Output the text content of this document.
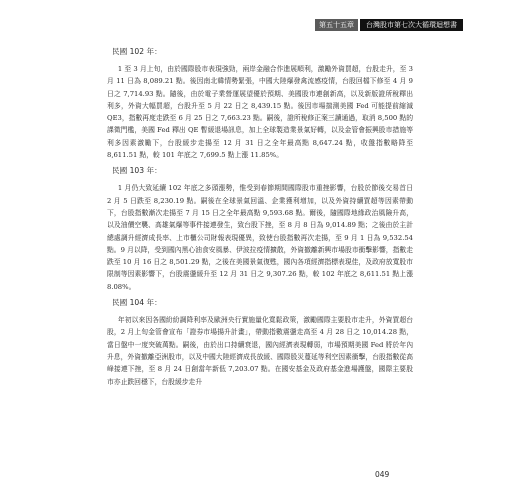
第五十五章	台灣股市第七次大循環迴想書
民國 102 年：

1 至 3 月上旬，由於國際股市表現強勁，兩岸金融合作進展順利，激勵外資買超，台股走升，至 3 月 11 日為 8,089.21 點。後因南北韓情勢緊張，中國大陸爆發禽流感疫情，台股回檔下修至 4 月 9 日之 7,714.93 點。隨後，由於電子業營運展望優於預期、美國股市連創新高，以及新版證所稅釋出利多，外資大幅買超，台股升至 5 月 22 日之 8,439.15 點。後因市場揣測美國 Fed 可能提前縮減 QE3，指數再度走跌至 6 月 25 日之 7,663.23 點。嗣後，證所稅修正案三讀通過，取消 8,500 點的課徵門檻，美國 Fed 釋出 QE 暫緩退場訊息，加上全球製造業景氣好轉，以及金管會振興股市措施等利多因素激勵下，台股緩步走揚至 12 月 31 日之全年最高點 8,647.24 點，收盤指數略降至 8,611.51 點，較 101 年底之 7,699.5 點上漲 11.85%。

民國 103 年：

1 月仍大致延續 102 年底之多頭漲勢，惟受到春節期間國際股市重挫影響，台股於節後交易首日 2 月 5 日跌至 8,230.19 點。嗣後在全球景氣回溫、企業獲利增加，以及外資持續買超等因素帶動下，台股指數漸次走揚至 7 月 15 日之全年最高點 9,593.68 點。爾後，隨國際地緣政治風險升高，以及油價空襲、高雄氣爆等事件接連發生，致台股下挫，至 8 月 8 日為 9,014.89 點；之後由於主計總處調升經濟成長率、上市櫃公司財報表現優異，致使台股指數再次走揚，至 9 月 1 日為 9,532.54 點。9 月以降，受到國內黑心油食安風暴、伊波拉疫情擴散，外資撤離新興市場股市衝擊影響，指數走跌至 10 月 16 日之 8,501.29 點，之後在美國景氣復甦，國內各項經濟指標表現佳，及政府放寬股市限制等因素影響下，台股震盪緩升至 12 月 31 日之 9,307.26 點，較 102 年底之 8,611.51 點上漲 8.08%。

民國 104 年：

年初以來因各國紛紛調降利率及歐洲央行實施量化寬鬆政策，激勵國際主要股市走升，外資買超台股，2 月上旬金管會宣布「證券市場揚升計畫」，帶動指數震盪走高至 4 月 28 日之 10,014.28 點，當日盤中一度突破萬點。嗣後，由於出口持續衰退，國內經濟表現轉弱，市場預期美國 Fed 將於年內升息，外資撤離亞洲股市，以及中國大陸經濟成長放緩、國際股災蔓延等利空因素衝擊，台股指數從高峰接連下挫，至 8 月 24 日創當年新低 7,203.07 點。在國安基金及政府基金進場護盤，國際主要股市亦止跌回穩下，台股緩步走升

049
